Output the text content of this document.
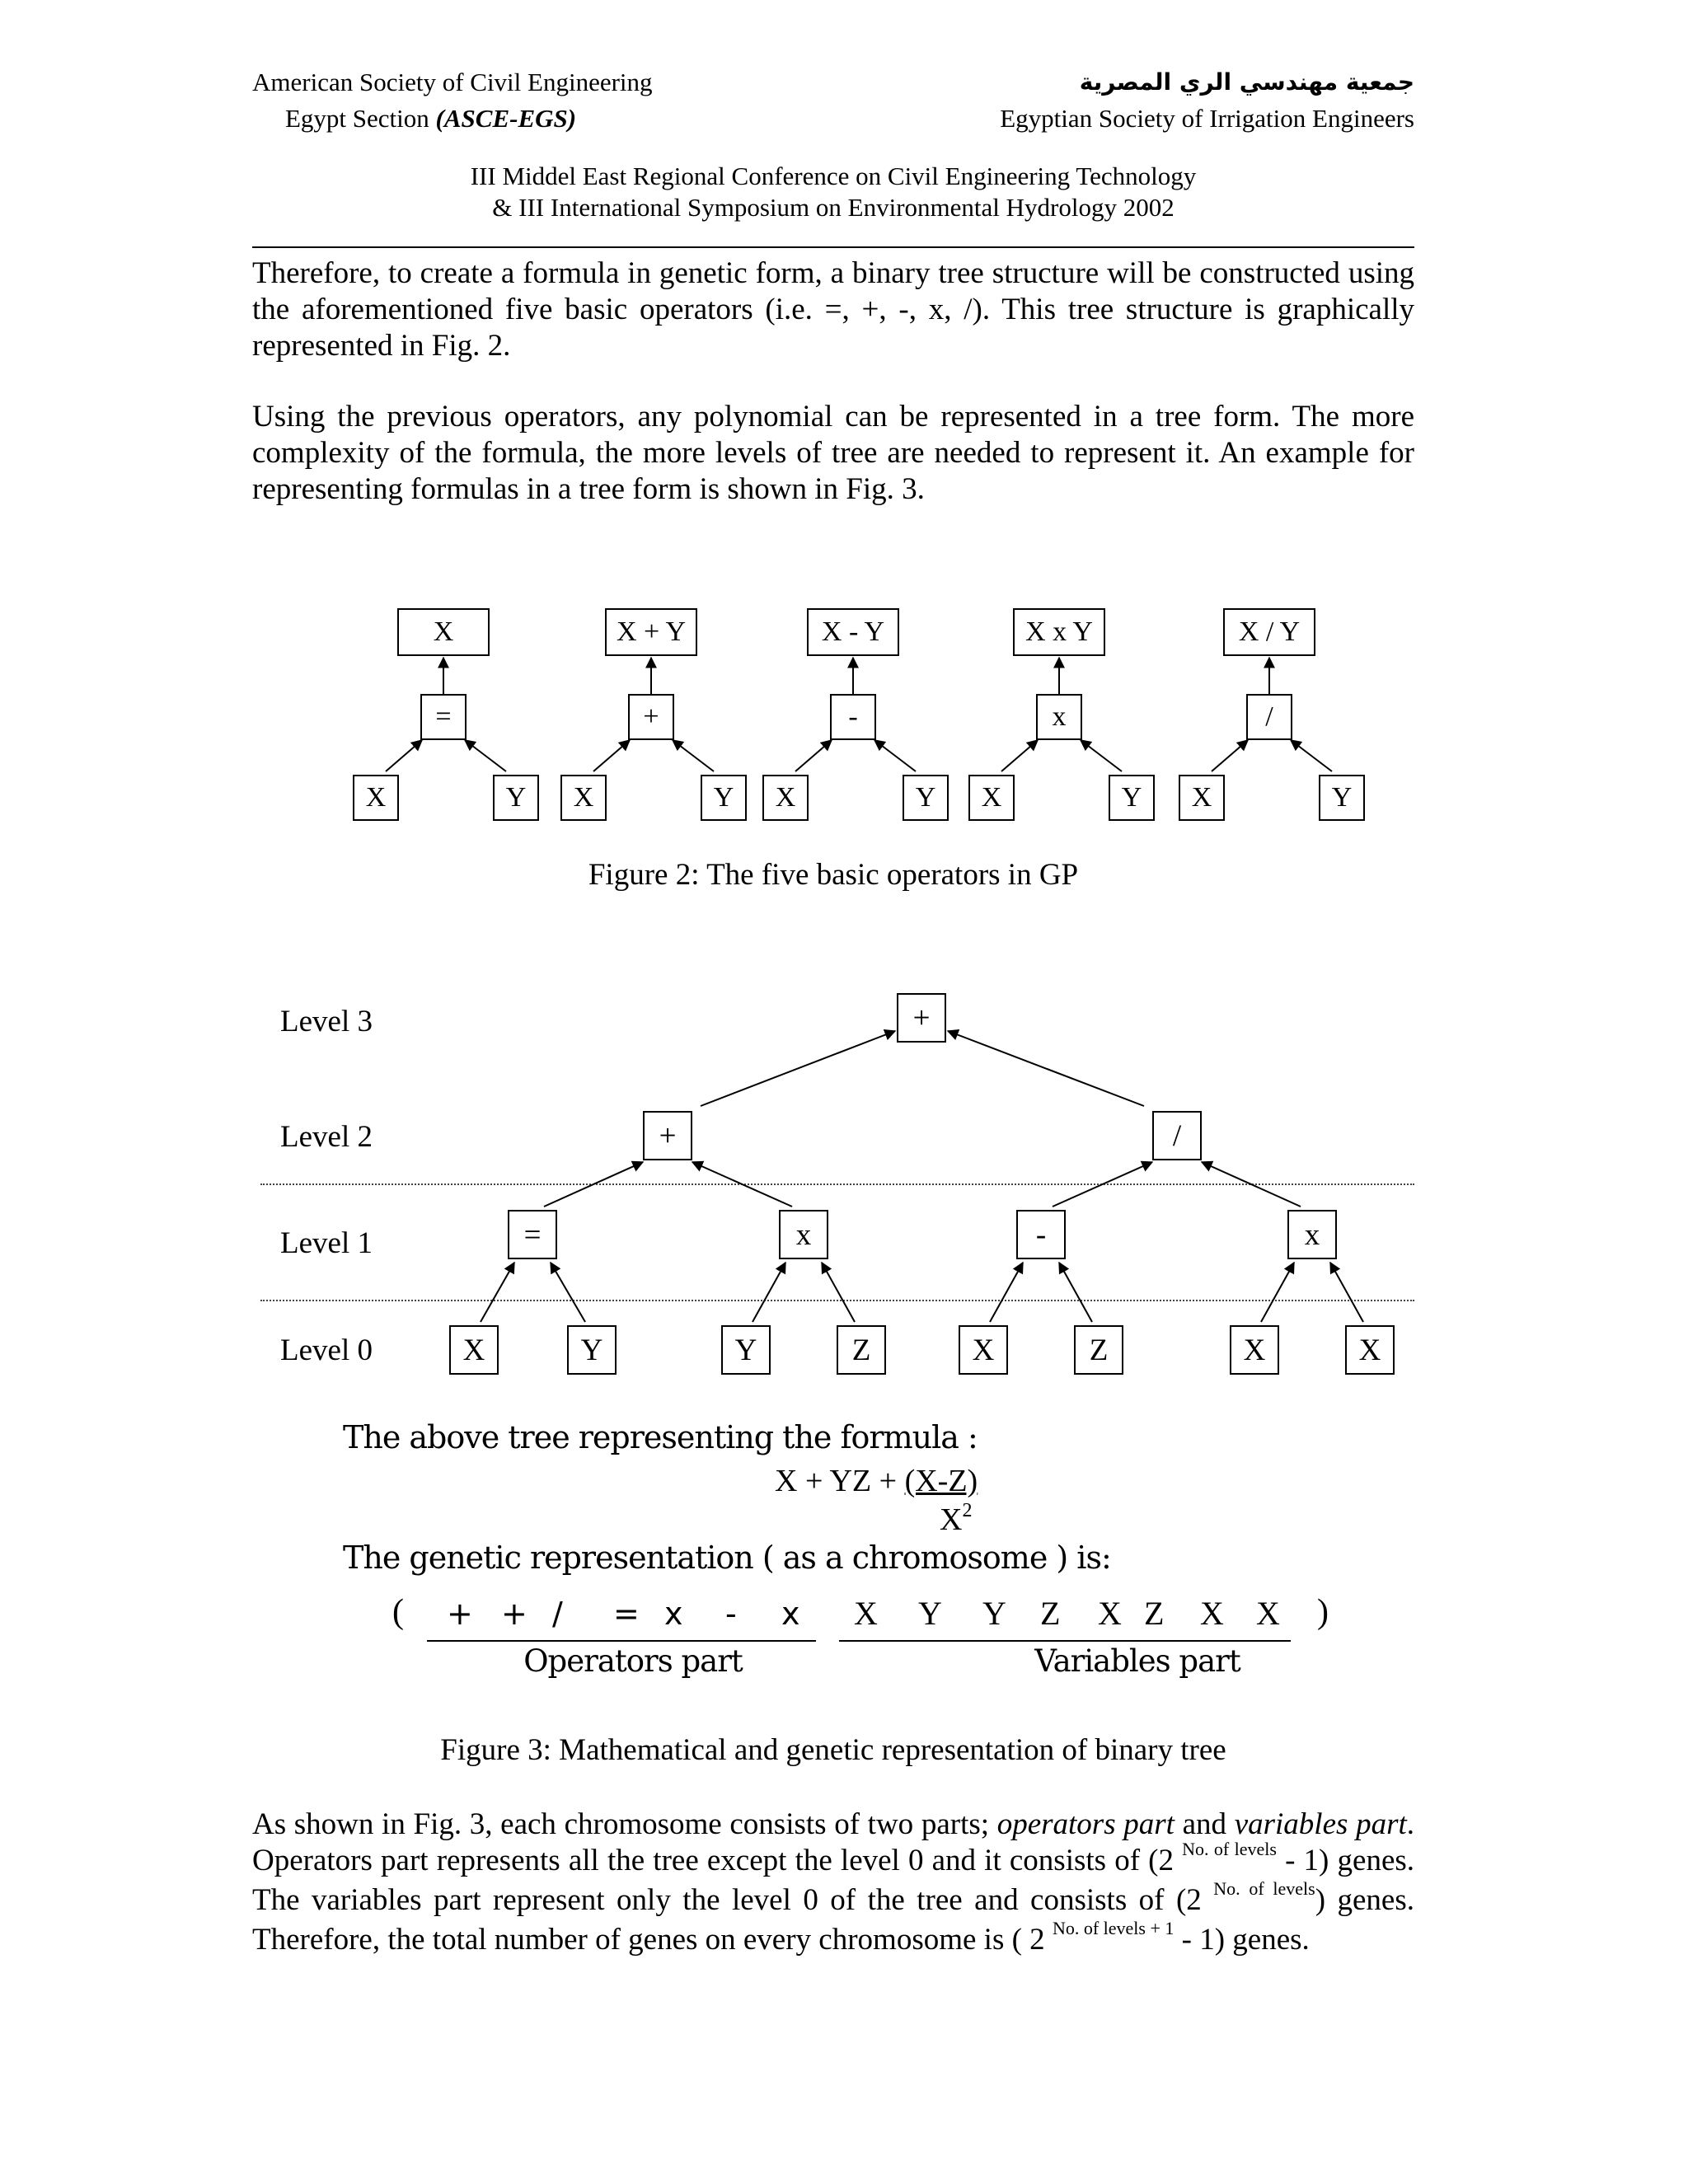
American Society of Civil Engineering
Egypt Section (ASCE-EGS)
جمعية مهندسي الري المصرية
Egyptian Society of Irrigation Engineers
III Middel East Regional Conference on Civil Engineering Technology
& III International Symposium on Environmental Hydrology 2002
Therefore, to create a formula in genetic form, a binary tree structure will be constructed using the aforementioned five basic operators (i.e. =, +, -, x, /). This tree structure is graphically represented in Fig. 2.
Using the previous operators, any polynomial can be represented in a tree form. The more complexity of the formula, the more levels of tree are needed to represent it. An example for representing formulas in a tree form is shown in Fig. 3.
X
=
X	Y
X + Y
+
X	Y
X - Y
-
X	Y
X x Y
x
X	Y
X / Y
/
X	Y
Figure 2: The five basic operators in GP
Level 3
Level 2
Level 1
Level 0	X	Y	Y	Z	X	Z	X	X
=	x	-	x
+	/
+
The above tree representing the formula :
X + YZ + (X-Z)
$X^2$
The genetic representation ( as a chromosome ) is:
(	)
+ + / = x - x X Y Y Z X Z X X
Operators part	Variables part
Figure 3: Mathematical and genetic representation of binary tree
As shown in Fig. 3, each chromosome consists of two parts; operators part and variables part. Operators part represents all the tree except the level 0 and it consists of (2 $^{No. of levels}$ - 1) genes. The variables part represent only the level 0 of the tree and consists of (2 $^{No. of levels}$) genes. Therefore, the total number of genes on every chromosome is ( 2 $^{No. of levels + 1}$ - 1) genes.
